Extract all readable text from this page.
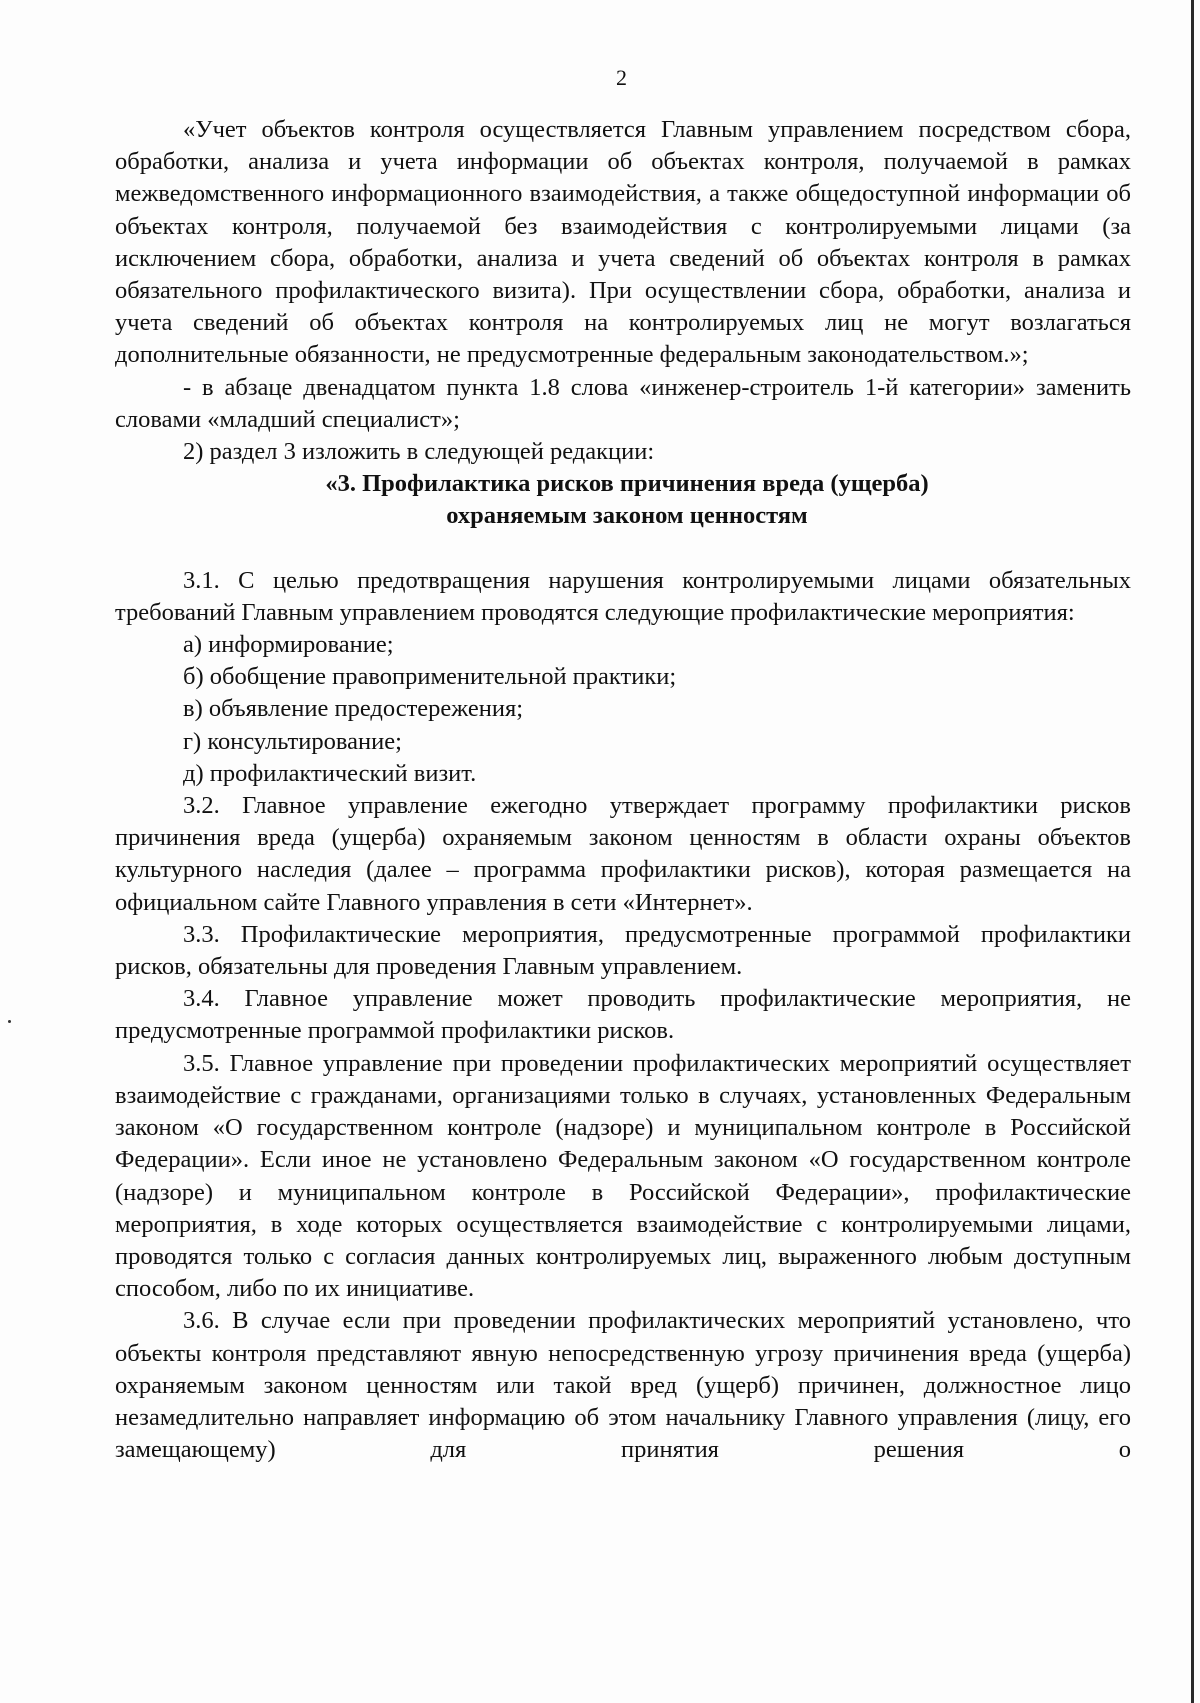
2

«Учет объектов контроля осуществляется Главным управлением посредством сбора, обработки, анализа и учета информации об объектах контроля, получаемой в рамках межведомственного информационного взаимодействия, а также общедоступной информации об объектах контроля, получаемой без взаимодействия с контролируемыми лицами (за исключением сбора, обработки, анализа и учета сведений об объектах контроля в рамках обязательного профилактического визита). При осуществлении сбора, обработки, анализа и учета сведений об объектах контроля на контролируемых лиц не могут возлагаться дополнительные обязанности, не предусмотренные федеральным законодательством.»;

- в абзаце двенадцатом пункта 1.8 слова «инженер-строитель 1-й категории» заменить словами «младший специалист»;

2) раздел 3 изложить в следующей редакции:

«3. Профилактика рисков причинения вреда (ущерба)

охраняемым законом ценностям

3.1. С целью предотвращения нарушения контролируемыми лицами обязательных требований Главным управлением проводятся следующие профилактические мероприятия:

а) информирование;

б) обобщение правоприменительной практики;

в) объявление предостережения;

г) консультирование;

д) профилактический визит.

3.2. Главное управление ежегодно утверждает программу профилактики рисков причинения вреда (ущерба) охраняемым законом ценностям в области охраны объектов культурного наследия (далее – программа профилактики рисков), которая размещается на официальном сайте Главного управления в сети «Интернет».

3.3. Профилактические мероприятия, предусмотренные программой профилактики рисков, обязательны для проведения Главным управлением.

3.4. Главное управление может проводить профилактические мероприятия, не предусмотренные программой профилактики рисков.

3.5. Главное управление при проведении профилактических мероприятий осуществляет взаимодействие с гражданами, организациями только в случаях, установленных Федеральным законом «О государственном контроле (надзоре) и муниципальном контроле в Российской Федерации». Если иное не установлено Федеральным законом «О государственном контроле (надзоре) и муниципальном контроле в Российской Федерации», профилактические мероприятия, в ходе которых осуществляется взаимодействие с контролируемыми лицами, проводятся только с согласия данных контролируемых лиц, выраженного любым доступным способом, либо по их инициативе.

3.6. В случае если при проведении профилактических мероприятий установлено, что объекты контроля представляют явную непосредственную угрозу причинения вреда (ущерба) охраняемым законом ценностям или такой вред (ущерб) причинен, должностное лицо незамедлительно направляет информацию об этом начальнику Главного управления (лицу, его замещающему) для принятия решения о
